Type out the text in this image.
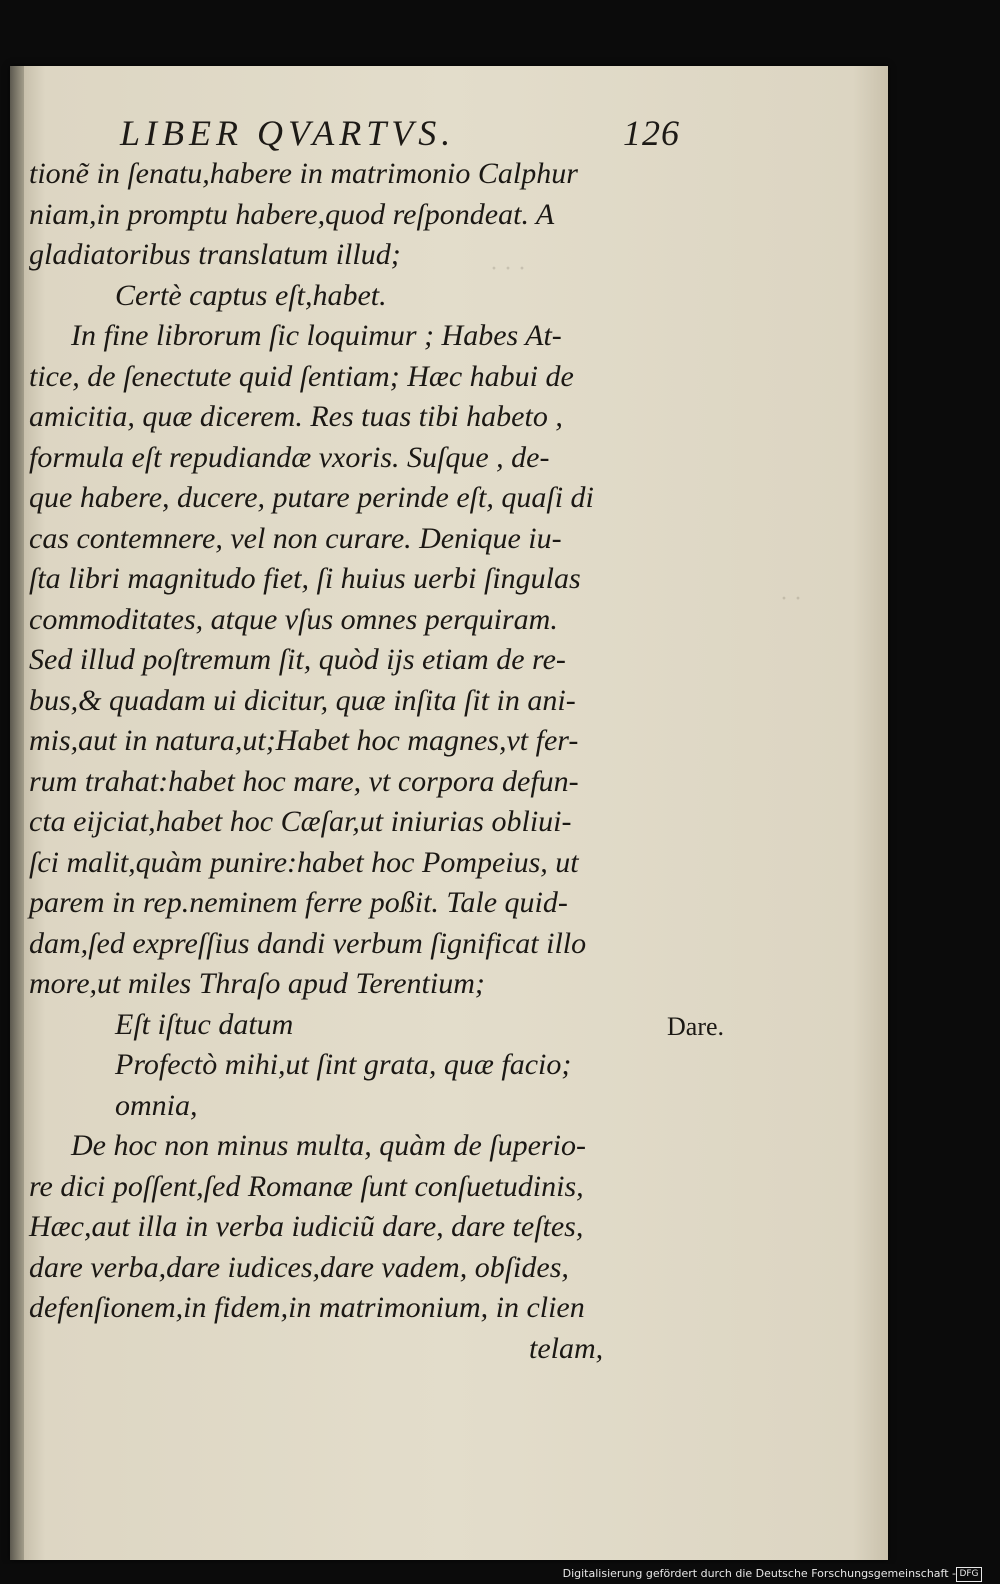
LIBER QVARTVS.	126
tionẽ in ſenatu,habere in matrimonio Calphur
niam,in promptu habere,quod reſpondeat. A
gladiatoribus translatum illud;
Certè captus eſt,habet.
In fine librorum ſic loquimur ; Habes At-
tice, de ſenectute quid ſentiam; Hæc habui de
amicitia, quæ dicerem. Res tuas tibi habeto ,
formula eſt repudiandæ vxoris. Suſque , de-
que habere, ducere, putare perinde eſt, quaſi di
cas contemnere, vel non curare. Denique iu-
ſta libri magnitudo fiet, ſi huius uerbi ſingulas
commoditates, atque vſus omnes perquiram.
Sed illud poſtremum ſit, quòd ijs etiam de re-
bus,& quadam ui dicitur, quæ inſita ſit in ani-
mis,aut in natura,ut;Habet hoc magnes,vt fer-
rum trahat:habet hoc mare, vt corpora defun-
cta eijciat,habet hoc Cæſar,ut iniurias obliui-
ſci malit,quàm punire:habet hoc Pompeius, ut
parem in rep.neminem ferre poßit. Tale quid-
dam,ſed expreſſius dandi verbum ſignificat illo
more,ut miles Thraſo apud Terentium;
Eſt iſtuc datum
Profectò mihi,ut ſint grata, quæ facio;
omnia,
De hoc non minus multa, quàm de ſuperio-
re dici poſſent,ſed Romanæ ſunt conſuetudinis,
Hæc,aut illa in verba iudiciũ dare, dare teſtes,
dare verba,dare iudices,dare vadem, obſides,
defenſionem,in fidem,in matrimonium, in clien
telam,
Dare.
· · ·
· ·
Digitalisierung gefördert durch die Deutsche Forschungsgemeinschaft - DFG
